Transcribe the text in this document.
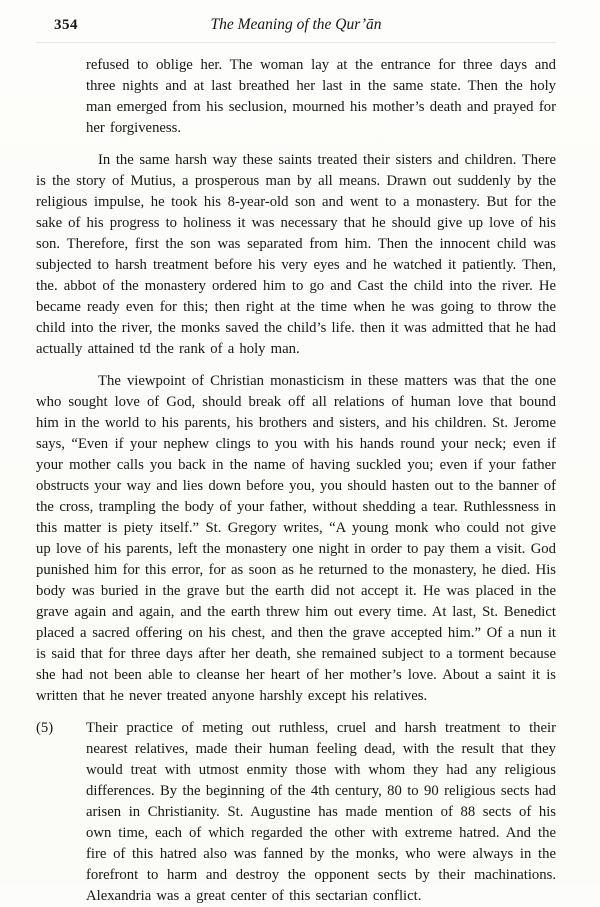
354	The Meaning of the Qur’ān

refused to oblige her. The woman lay at the entrance for three days and three nights and at last breathed her last in the same state. Then the holy man emerged from his seclusion, mourned his mother’s death and prayed for her forgiveness.

In the same harsh way these saints treated their sisters and children. There is the story of Mutius, a prosperous man by all means. Drawn out suddenly by the religious impulse, he took his 8-year-old son and went to a monastery. But for the sake of his progress to holiness it was necessary that he should give up love of his son. Therefore, first the son was separated from him. Then the innocent child was subjected to harsh treatment before his very eyes and he watched it patiently. Then, the. abbot of the monastery ordered him to go and Cast the child into the river. He became ready even for this; then right at the time when he was going to throw the child into the river, the monks saved the child’s life. then it was admitted that he had actually attained td the rank of a holy man.

The viewpoint of Christian monasticism in these matters was that the one who sought love of God, should break off all relations of human love that bound him in the world to his parents, his brothers and sisters, and his children. St. Jerome says, “Even if your nephew clings to you with his hands round your neck; even if your mother calls you back in the name of having suckled you; even if your father obstructs your way and lies down before you, you should hasten out to the banner of the cross, trampling the body of your father, without shedding a tear. Ruthlessness in this matter is piety itself.” St. Gregory writes, “A young monk who could not give up love of his parents, left the monastery one night in order to pay them a visit. God punished him for this error, for as soon as he returned to the monastery, he died. His body was buried in the grave but the earth did not accept it. He was placed in the grave again and again, and the earth threw him out every time. At last, St. Benedict placed a sacred offering on his chest, and then the grave accepted him.” Of a nun it is said that for three days after her death, she remained subject to a torment because she had not been able to cleanse her heart of her mother’s love. About a saint it is written that he never treated anyone harshly except his relatives.

(5)	Their practice of meting out ruthless, cruel and harsh treatment to their nearest relatives, made their human feeling dead, with the result that they would treat with utmost enmity those with whom they had any religious differences. By the beginning of the 4th century, 80 to 90 religious sects had arisen in Christianity. St. Augustine has made mention of 88 sects of his own time, each of which regarded the other with extreme hatred. And the fire of this hatred also was fanned by the monks, who were always in the forefront to harm and destroy the opponent sects by their machinations. Alexandria was a great center of this sectarian conflict.
